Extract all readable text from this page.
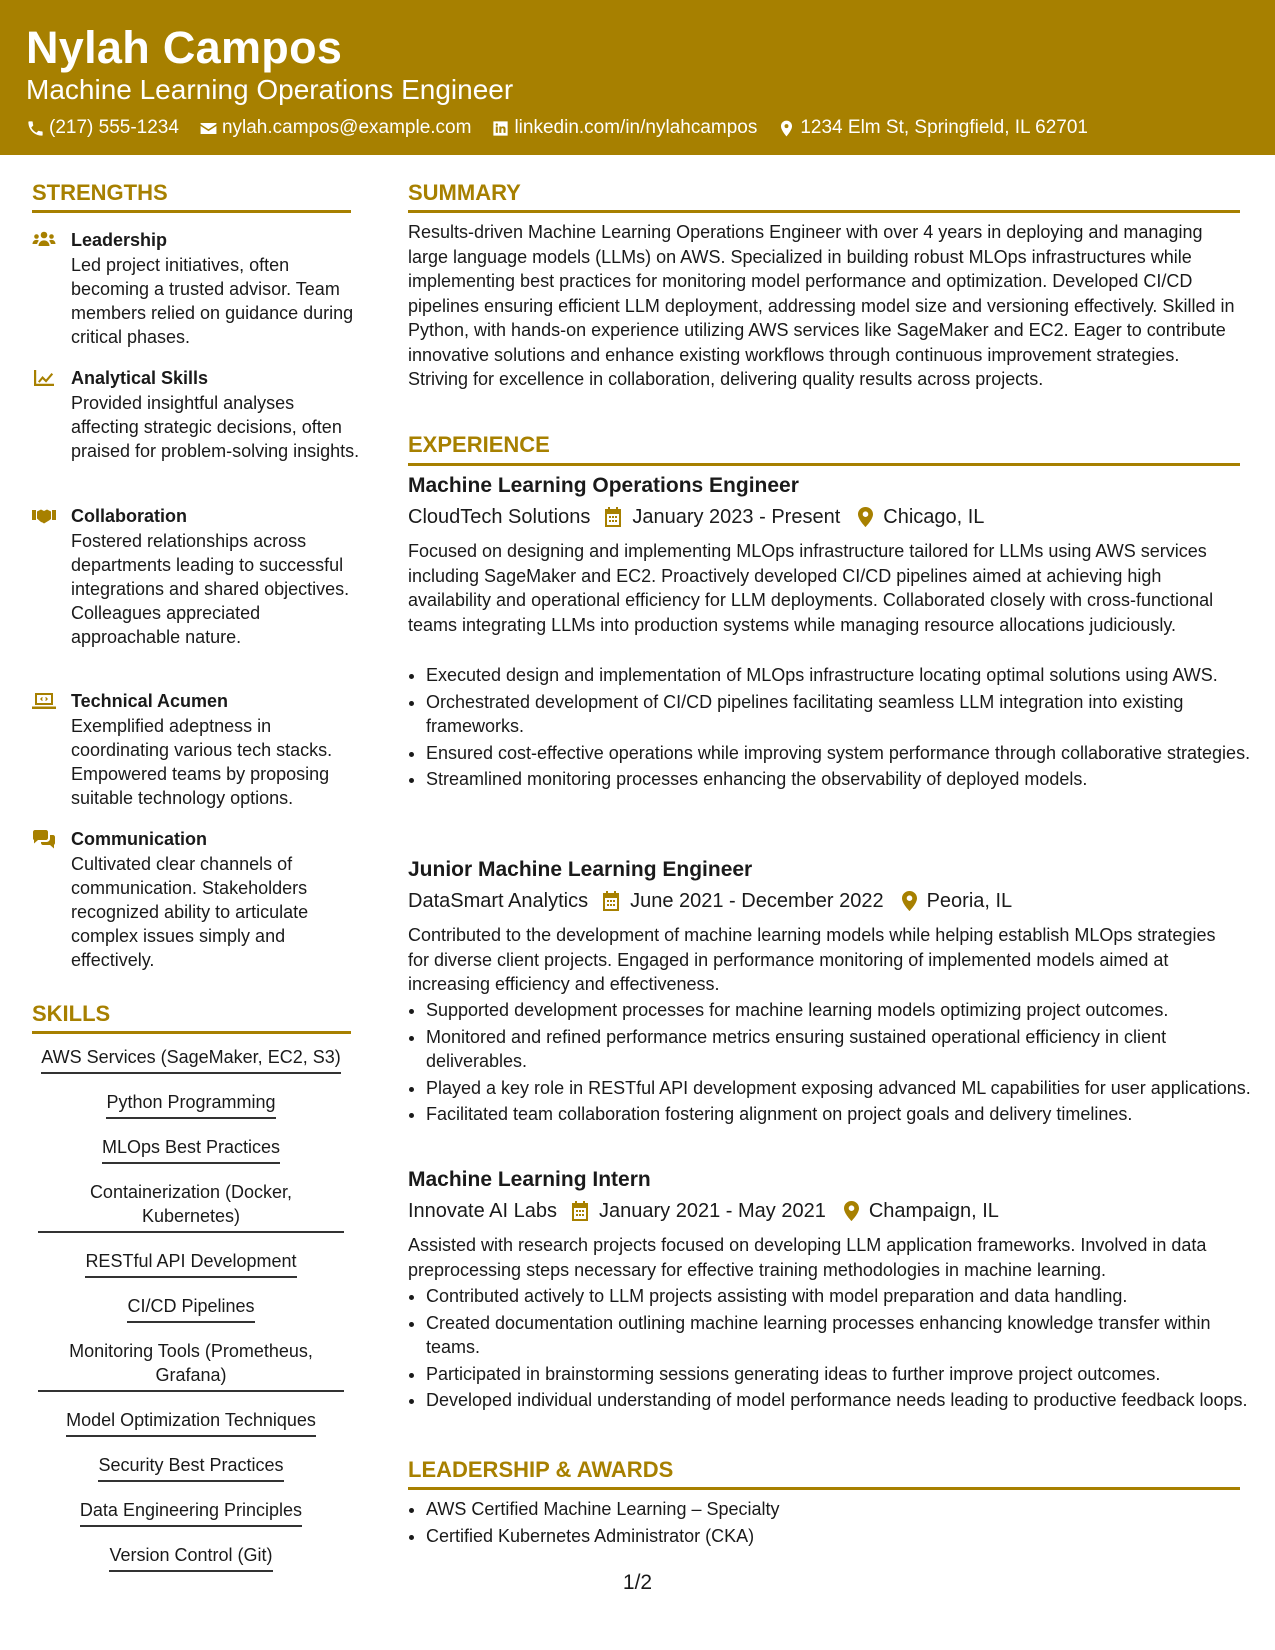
Nylah Campos
Machine Learning Operations Engineer
(217) 555-1234 nylah.campos@example.com linkedin.com/in/nylahcampos 1234 Elm St, Springfield, IL 62701
STRENGTHS
Leadership
Led project initiatives, often becoming a trusted advisor. Team members relied on guidance during critical phases.
Analytical Skills
Provided insightful analyses affecting strategic decisions, often praised for problem-solving insights.
Collaboration
Fostered relationships across departments leading to successful integrations and shared objectives. Colleagues appreciated approachable nature.
Technical Acumen
Exemplified adeptness in coordinating various tech stacks. Empowered teams by proposing suitable technology options.
Communication
Cultivated clear channels of communication. Stakeholders recognized ability to articulate complex issues simply and effectively.
SKILLS
AWS Services (SageMaker, EC2, S3)
Python Programming
MLOps Best Practices
Containerization (Docker, Kubernetes)
RESTful API Development
CI/CD Pipelines
Monitoring Tools (Prometheus, Grafana)
Model Optimization Techniques
Security Best Practices
Data Engineering Principles
Version Control (Git)
SUMMARY
Results-driven Machine Learning Operations Engineer with over 4 years in deploying and managing large language models (LLMs) on AWS. Specialized in building robust MLOps infrastructures while implementing best practices for monitoring model performance and optimization. Developed CI/CD pipelines ensuring efficient LLM deployment, addressing model size and versioning effectively. Skilled in Python, with hands-on experience utilizing AWS services like SageMaker and EC2. Eager to contribute innovative solutions and enhance existing workflows through continuous improvement strategies. Striving for excellence in collaboration, delivering quality results across projects.
EXPERIENCE
Machine Learning Operations Engineer
CloudTech Solutions January 2023 - Present Chicago, IL
Focused on designing and implementing MLOps infrastructure tailored for LLMs using AWS services including SageMaker and EC2. Proactively developed CI/CD pipelines aimed at achieving high availability and operational efficiency for LLM deployments. Collaborated closely with cross-functional teams integrating LLMs into production systems while managing resource allocations judiciously.
• Executed design and implementation of MLOps infrastructure locating optimal solutions using AWS.
• Orchestrated development of CI/CD pipelines facilitating seamless LLM integration into existing frameworks.
• Ensured cost-effective operations while improving system performance through collaborative strategies.
• Streamlined monitoring processes enhancing the observability of deployed models.
Junior Machine Learning Engineer
DataSmart Analytics June 2021 - December 2022 Peoria, IL
Contributed to the development of machine learning models while helping establish MLOps strategies for diverse client projects. Engaged in performance monitoring of implemented models aimed at increasing efficiency and effectiveness.
• Supported development processes for machine learning models optimizing project outcomes.
• Monitored and refined performance metrics ensuring sustained operational efficiency in client deliverables.
• Played a key role in RESTful API development exposing advanced ML capabilities for user applications.
• Facilitated team collaboration fostering alignment on project goals and delivery timelines.
Machine Learning Intern
Innovate AI Labs January 2021 - May 2021 Champaign, IL
Assisted with research projects focused on developing LLM application frameworks. Involved in data preprocessing steps necessary for effective training methodologies in machine learning.
• Contributed actively to LLM projects assisting with model preparation and data handling.
• Created documentation outlining machine learning processes enhancing knowledge transfer within teams.
• Participated in brainstorming sessions generating ideas to further improve project outcomes.
• Developed individual understanding of model performance needs leading to productive feedback loops.
LEADERSHIP & AWARDS
• AWS Certified Machine Learning – Specialty
• Certified Kubernetes Administrator (CKA)
1/2
